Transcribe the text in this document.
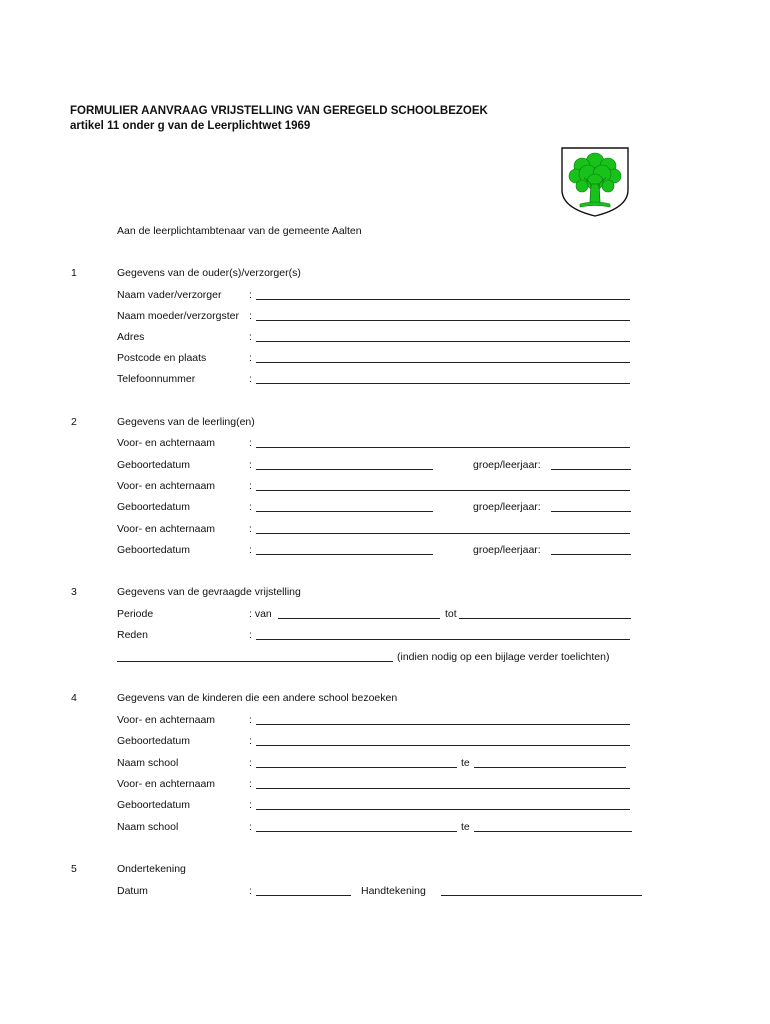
FORMULIER AANVRAAG VRIJSTELLING VAN GEREGELD SCHOOLBEZOEK
artikel 11 onder g van de Leerplichtwet 1969
Aan de leerplichtambtenaar van de gemeente Aalten
1	Gegevens van de ouder(s)/verzorger(s)
Naam vader/verzorger	:
Naam moeder/verzorgster :
Adres	:
Postcode en plaats	:
Telefoonnummer	:
2	Gegevens van de leerling(en)
Voor- en achternaam	:
Geboortedatum	:	groep/leerjaar:
Voor- en achternaam	:
Geboortedatum	:	groep/leerjaar:
Voor- en achternaam	:
Geboortedatum	:	groep/leerjaar:
3	Gegevens van de gevraagde vrijstelling
Periode	: van	tot
Reden	:
(indien nodig op een bijlage verder toelichten)
4	Gegevens van de kinderen die een andere school bezoeken
Voor- en achternaam	:
Geboortedatum	:
Naam school	:	te
Voor- en achternaam	:
Geboortedatum	:
Naam school	:	te
5	Ondertekening
Datum	:	Handtekening
